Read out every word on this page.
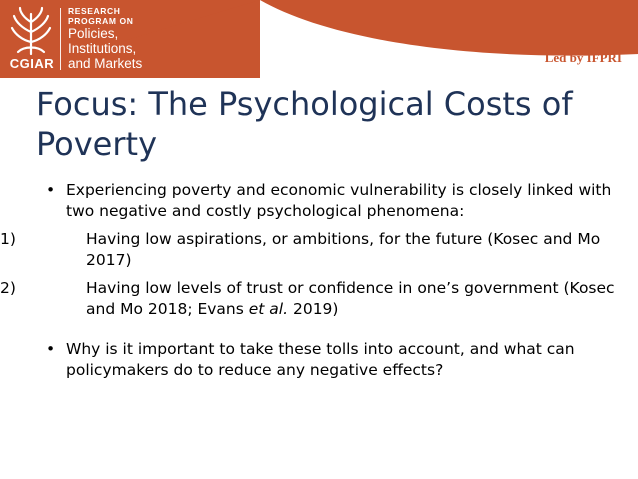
CGIAR
RESEARCH
PROGRAM ON
Policies,
Institutions,
and Markets	Led by IFPRI
Focus: The Psychological Costs of
Poverty
• Experiencing poverty and economic vulnerability is closely linked with two negative and costly psychological phenomena:
1)	Having low aspirations, or ambitions, for the future (Kosec and Mo 2017)
2)	Having low levels of trust or confidence in one’s government (Kosec and Mo 2018; Evans et al. 2019)
• Why is it important to take these tolls into account, and what can policymakers do to reduce any negative effects?
